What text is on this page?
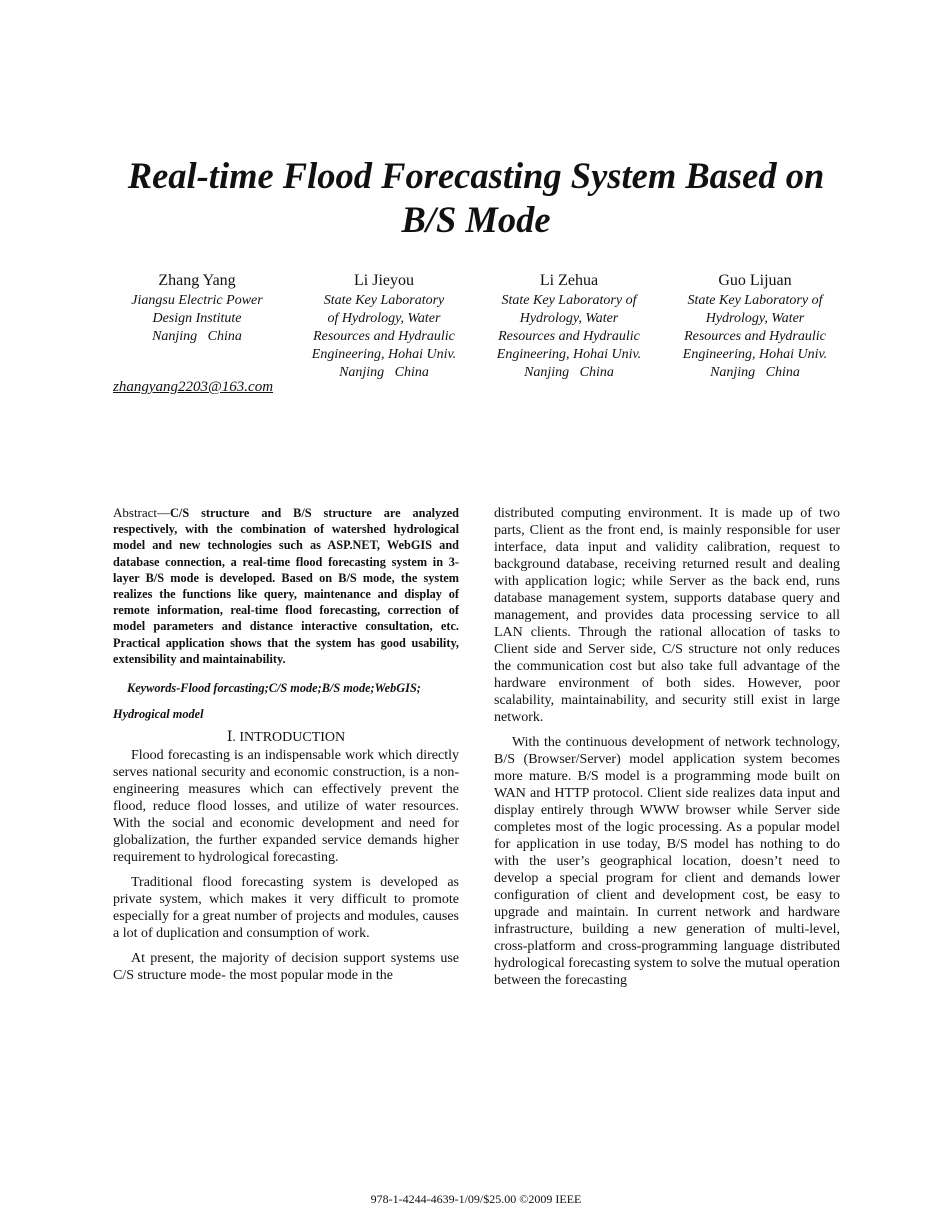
Real-time Flood Forecasting System Based on B/S Mode
Zhang Yang
Jiangsu Electric Power
Design Institute
Nanjing   China
zhangyang2203@163.com
Li Jieyou
State Key Laboratory
of Hydrology, Water
Resources and Hydraulic
Engineering, Hohai Univ.
Nanjing   China
Li Zehua
State Key Laboratory of
Hydrology, Water
Resources and Hydraulic
Engineering, Hohai Univ.
Nanjing   China
Guo Lijuan
State Key Laboratory of
Hydrology, Water
Resources and Hydraulic
Engineering, Hohai Univ.
Nanjing   China

Abstract—C/S structure and B/S structure are analyzed respectively, with the combination of watershed hydrological model and new technologies such as ASP.NET, WebGIS and database connection, a real-time flood forecasting system in 3-layer B/S mode is developed. Based on B/S mode, the system realizes the functions like query, maintenance and display of remote information, real-time flood forecasting, correction of model parameters and distance interactive consultation, etc. Practical application shows that the system has good usability, extensibility and maintainability.

Keywords-Flood forcasting;C/S mode;B/S mode;WebGIS; Hydrogical model

Ⅰ. INTRODUCTION

Flood forecasting is an indispensable work which directly serves national security and economic construction, is a non-engineering measures which can effectively prevent the flood, reduce flood losses, and utilize of water resources. With the social and economic development and need for globalization, the further expanded service demands higher requirement to hydrological forecasting.

Traditional flood forecasting system is developed as private system, which makes it very difficult to promote especially for a great number of projects and modules, causes a lot of duplication and consumption of work.

At present, the majority of decision support systems use C/S structure mode- the most popular mode in the

distributed computing environment. It is made up of two parts, Client as the front end, is mainly responsible for user interface, data input and validity calibration, request to background database, receiving returned result and dealing with application logic; while Server as the back end, runs database management system, supports database query and management, and provides data processing service to all LAN clients. Through the rational allocation of tasks to Client side and Server side, C/S structure not only reduces the communication cost but also take full advantage of the hardware environment of both sides. However, poor scalability, maintainability, and security still exist in large network.

With the continuous development of network technology, B/S (Browser/Server) model application system becomes more mature. B/S model is a programming mode built on WAN and HTTP protocol. Client side realizes data input and display entirely through WWW browser while Server side completes most of the logic processing. As a popular model for application in use today, B/S model has nothing to do with the user’s geographical location, doesn’t need to develop a special program for client and demands lower configuration of client and development cost, be easy to upgrade and maintain. In current network and hardware infrastructure, building a new generation of multi-level, cross-platform and cross-programming language distributed hydrological forecasting system to solve the mutual operation between the forecasting

978-1-4244-4639-1/09/$25.00 ©2009 IEEE
